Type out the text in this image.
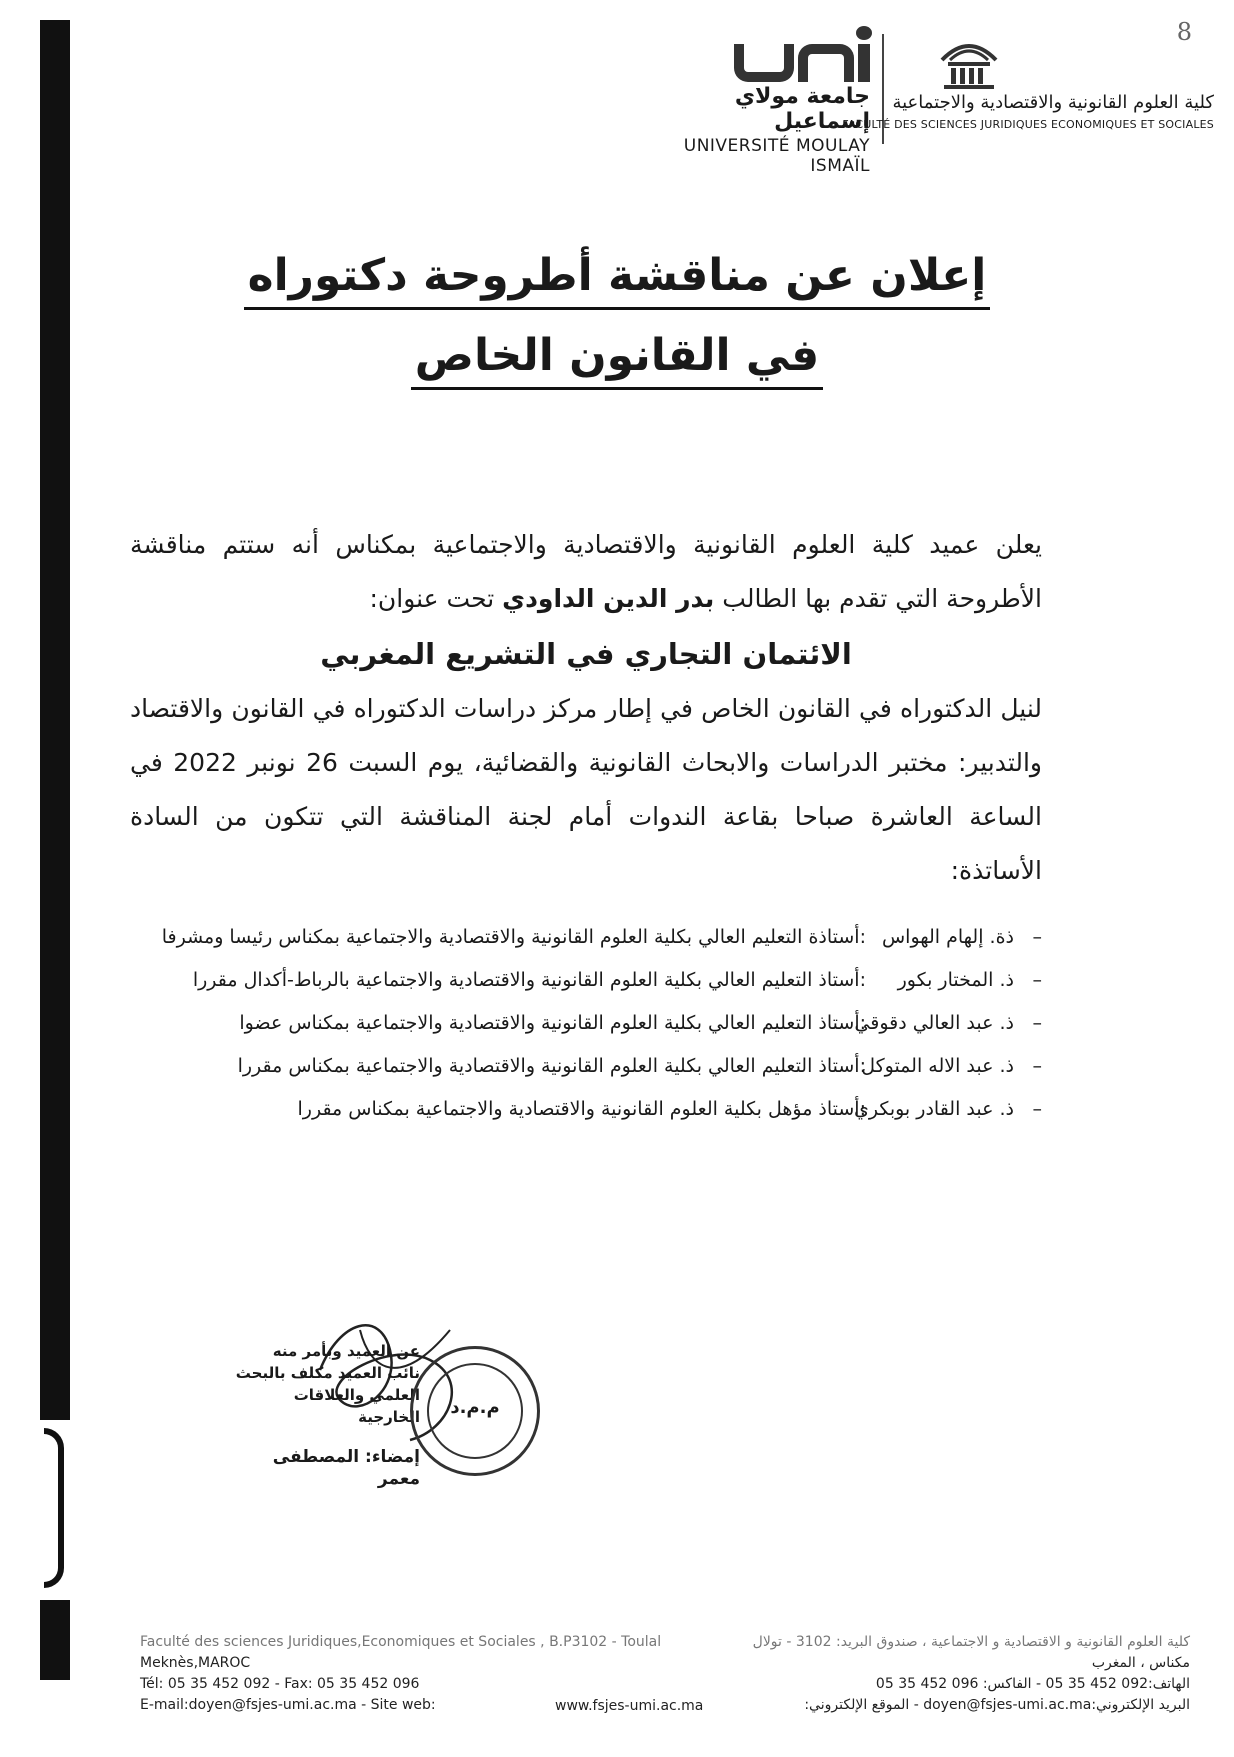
8
جامعة مولاي إسماعيل
UNIVERSITÉ MOULAY ISMAÏL
كلية العلوم القانونية والاقتصادية والاجتماعية
FACULTÉ DES SCIENCES JURIDIQUES ECONOMIQUES ET SOCIALES
إعلان عن مناقشة أطروحة دكتوراه
في القانون الخاص

يعلن عميد كلية العلوم القانونية والاقتصادية والاجتماعية بمكناس أنه ستتم مناقشة الأطروحة التي تقدم بها الطالب بدر الدين الداودي تحت عنوان:

الائتمان التجاري في التشريع المغربي

لنيل الدكتوراه في القانون الخاص في إطار مركز دراسات الدكتوراه في القانون والاقتصاد والتدبير: مختبر الدراسات والابحاث القانونية والقضائية، يوم السبت 26 نونبر 2022 في الساعة العاشرة صباحا بقاعة الندوات أمام لجنة المناقشة التي تتكون من السادة الأساتذة:

–
ذة. إلهام الهواس
:أستاذة التعليم العالي بكلية العلوم القانونية والاقتصادية والاجتماعية بمكناس رئيسا ومشرفا
–
ذ. المختار بكور
:أستاذ التعليم العالي بكلية العلوم القانونية والاقتصادية والاجتماعية بالرباط-أكدال مقررا
–
ذ. عبد العالي دقوقي
:أستاذ التعليم العالي بكلية العلوم القانونية والاقتصادية والاجتماعية بمكناس عضوا
–
ذ. عبد الاله المتوكل
:أستاذ التعليم العالي بكلية العلوم القانونية والاقتصادية والاجتماعية بمكناس مقررا
–
ذ. عبد القادر بوبكري
:أستاذ مؤهل بكلية العلوم القانونية والاقتصادية والاجتماعية بمكناس مقررا
عن العميد وبأمر منه
نائب العميد مكلف بالبحث
العلمي والعلاقات الخارجية
إمضاء: المصطفى معمر
م.م.د
Faculté des sciences Juridiques,Economiques et Sociales , B.P3102 - Toulal
Meknès,MAROC
Tél: 05 35 452 092 - Fax: 05 35 452 096
E-mail:doyen@fsjes-umi.ac.ma - Site web:	www.fsjes-umi.ac.ma
كلية العلوم القانونية و الاقتصادية و الاجتماعية ، صندوق البريد: 3102 - تولال
مكناس ، المغرب
الهاتف:092 452 35 05 - الفاكس: 096 452 35 05
البريد الإلكتروني:doyen@fsjes-umi.ac.ma - الموقع الإلكتروني:
